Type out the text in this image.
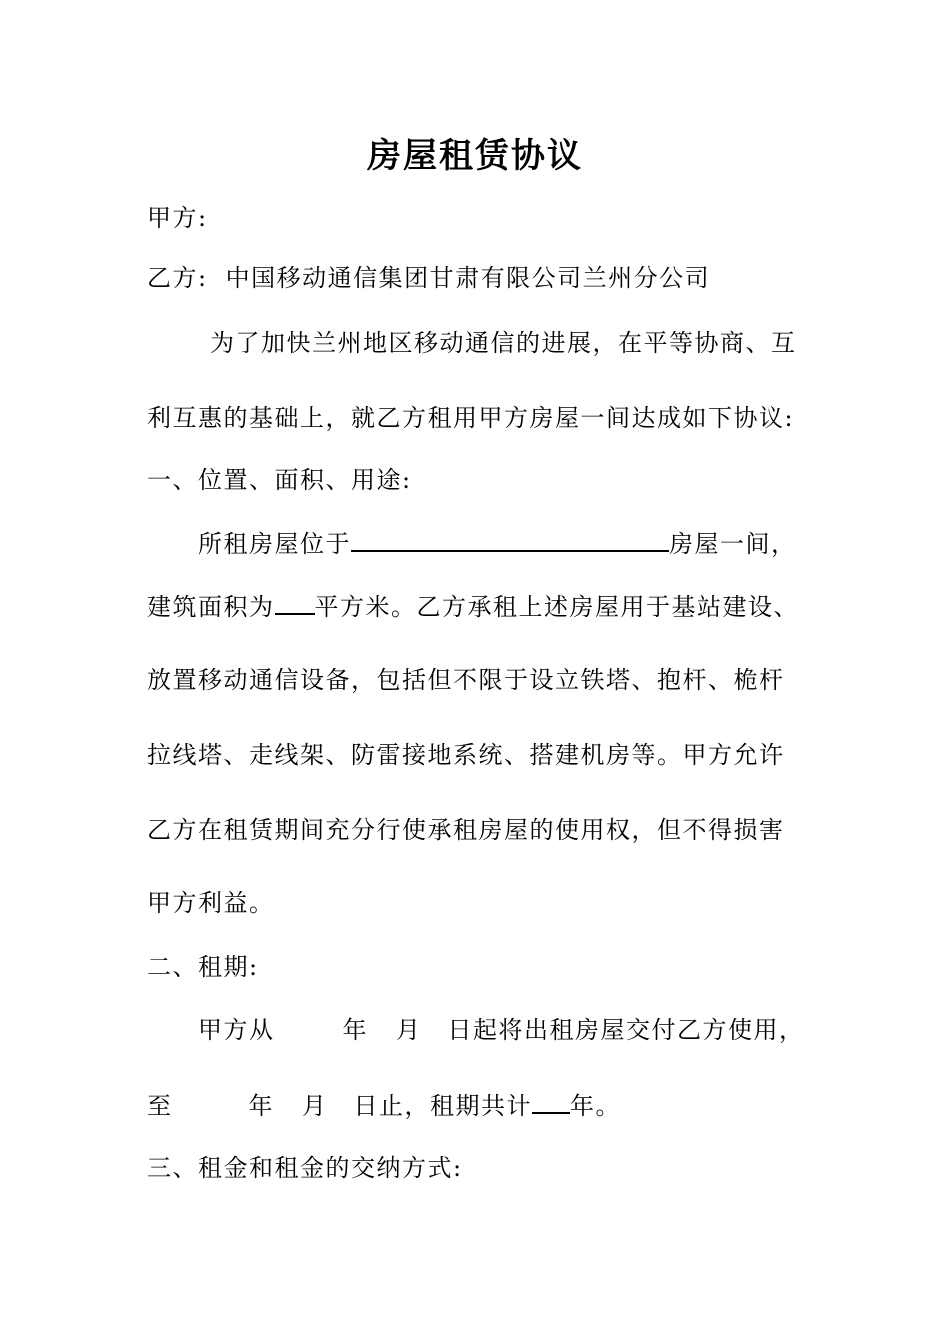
房屋租赁协议
甲方:
乙方: 中国移动通信集团甘肃有限公司兰州分公司
为了加快兰州地区移动通信的进展，在平等协商、互
利互惠的基础上，就乙方租用甲方房屋一间达成如下协议:
一、位置、面积、用途:
所租房屋位于	房屋一间，
建筑面积为 平方米。乙方承租上述房屋用于基站建设、
放置移动通信设备，包括但不限于设立铁塔、抱杆、桅杆
拉线塔、走线架、防雷接地系统、搭建机房等。甲方允许
乙方在租赁期间充分行使承租房屋的使用权，但不得损害
甲方利益。
二、租期:
甲方从	年 月 日起将出租房屋交付乙方使用，
至	年 月 日止，租期共计 年。
三、租金和租金的交纳方式:
